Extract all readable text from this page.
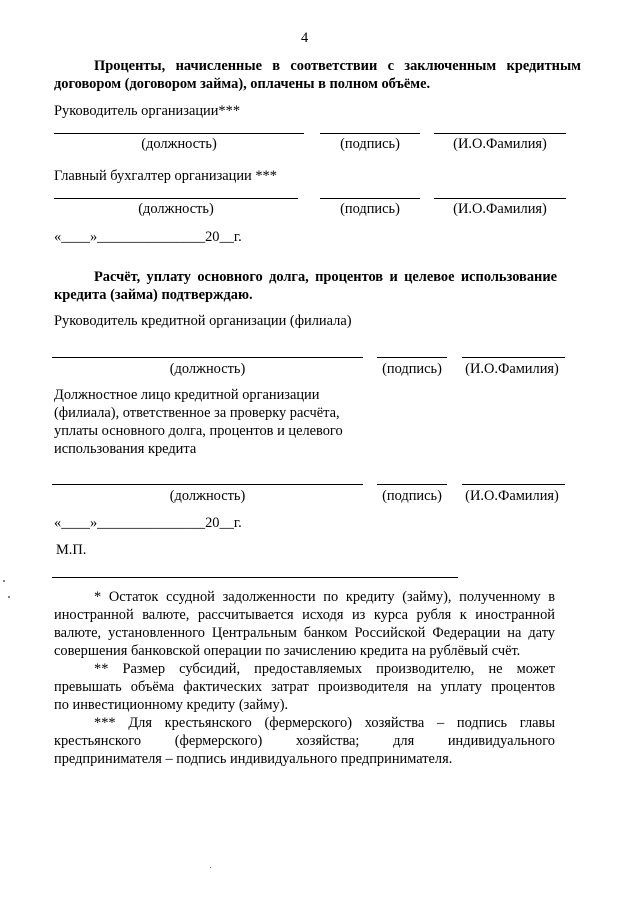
4
Проценты, начисленные в соответствии с заключенным кредитным
договором (договором займа), оплачены в полном объёме.
Руководитель организации***
(должность)	(подпись)	(И.О.Фамилия)
Главный бухгалтер организации ***
(должность)	(подпись)	(И.О.Фамилия)
«____»_______________20__г.
Расчёт, уплату основного долга, процентов и целевое использование
кредита (займа) подтверждаю.
Руководитель кредитной организации (филиала)
(должность)	(подпись)	(И.О.Фамилия)
Должностное лицо кредитной организации
(филиала), ответственное за проверку расчёта,
уплаты основного долга, процентов и целевого
использования кредита
(должность)	(подпись)	(И.О.Фамилия)
«____»_______________20__г.
М.П.
* Остаток ссудной задолженности по кредиту (займу), полученному в
иностранной валюте, рассчитывается исходя из курса рубля к иностранной
валюте, установленного Центральным банком Российской Федерации на дату
совершения банковской операции по зачислению кредита на рублёвый счёт.
** Размер субсидий, предоставляемых производителю, не может
превышать объёма фактических затрат производителя на уплату процентов
по инвестиционному кредиту (займу).
*** Для крестьянского (фермерского) хозяйства – подпись главы
крестьянского (фермерского) хозяйства; для индивидуального
предпринимателя – подпись индивидуального предпринимателя.
